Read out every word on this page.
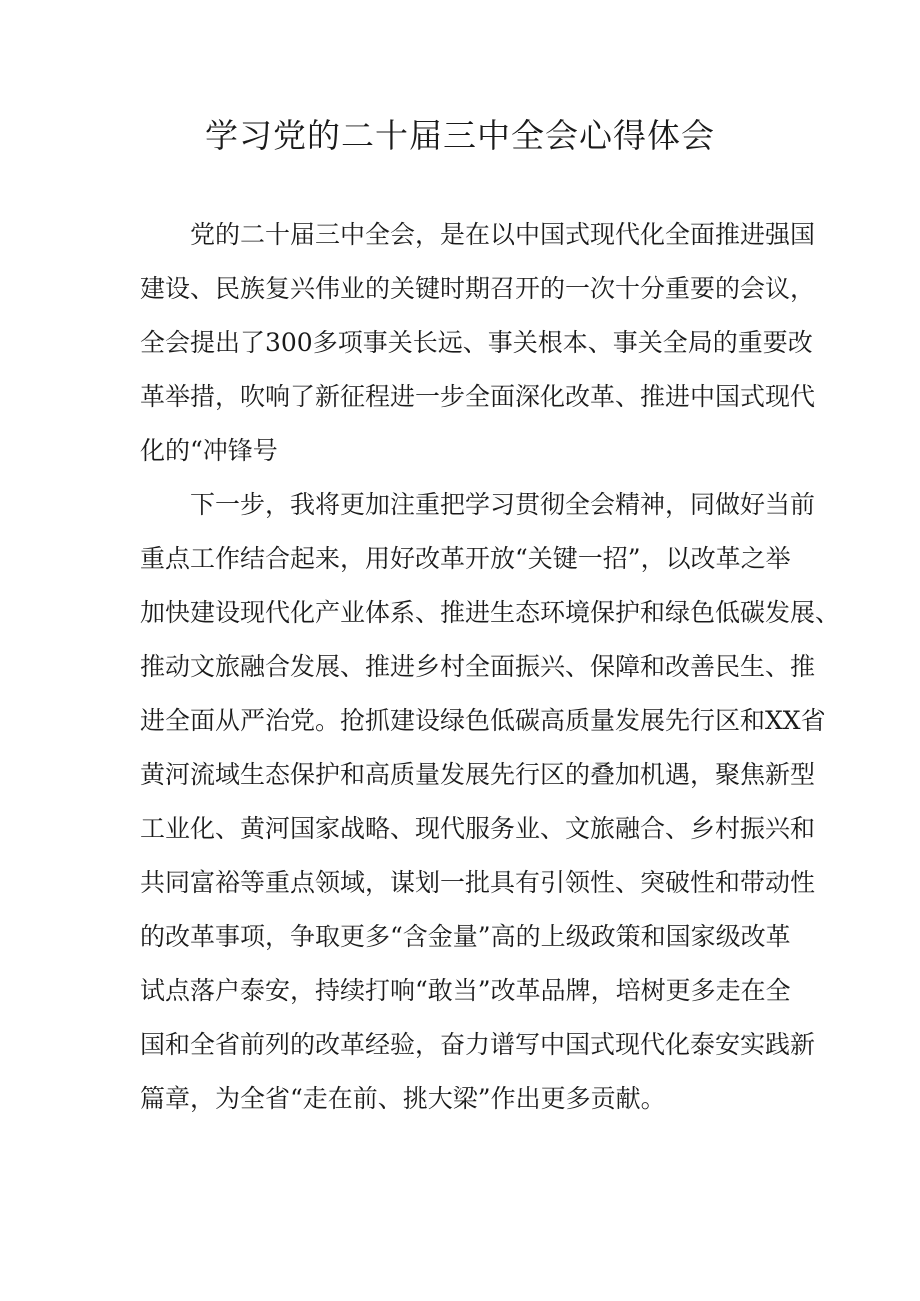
学习党的二十届三中全会心得体会
　　党的二十届三中全会，是在以中国式现代化全面推进强国
建设、民族复兴伟业的关键时期召开的一次十分重要的会议，
全会提出了300多项事关长远、事关根本、事关全局的重要改
革举措，吹响了新征程进一步全面深化改革、推进中国式现代
化的“冲锋号
　　下一步，我将更加注重把学习贯彻全会精神，同做好当前
重点工作结合起来，用好改革开放“关键一招”，以改革之举
加快建设现代化产业体系、推进生态环境保护和绿色低碳发展、
推动文旅融合发展、推进乡村全面振兴、保障和改善民生、推
进全面从严治党。抢抓建设绿色低碳高质量发展先行区和XX省
黄河流域生态保护和高质量发展先行区的叠加机遇，聚焦新型
工业化、黄河国家战略、现代服务业、文旅融合、乡村振兴和
共同富裕等重点领域，谋划一批具有引领性、突破性和带动性
的改革事项，争取更多“含金量”高的上级政策和国家级改革
试点落户泰安，持续打响“敢当”改革品牌，培树更多走在全
国和全省前列的改革经验，奋力谱写中国式现代化泰安实践新
篇章，为全省“走在前、挑大梁”作出更多贡献。
